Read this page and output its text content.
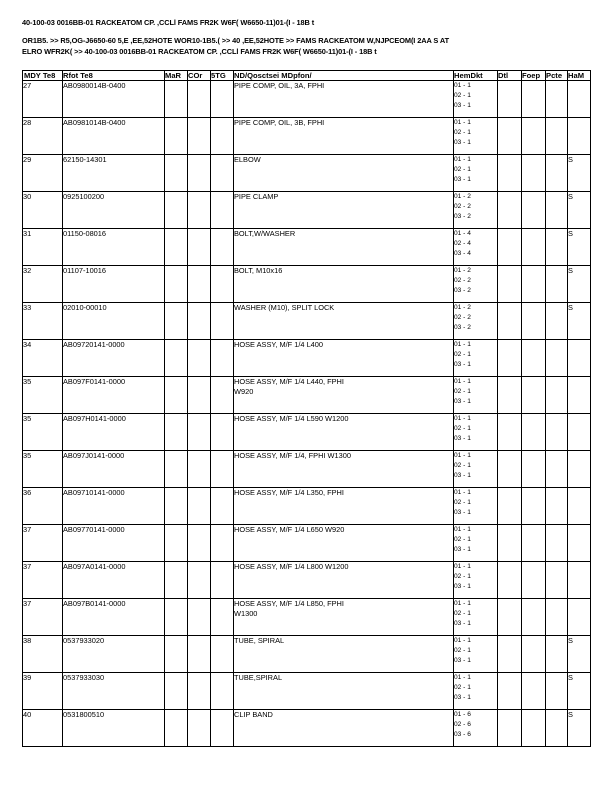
40-100-03 0016BB-01 RACKEATOM CP. ,CCLl FAMS FR2K W6F( W6650-11)01-(I - 18B t
OR1B5. >> R5,OG-J6650-60 5,E ,EE,52HOTE WOR10-1B5.( >> 40 ,EE,52HOTE >> FAMS RACKEATOM W,NJPCEOM(I 2AA S AT
ELRO WFR2K( >> 40-100-03 0016BB-01 RACKEATOM CP. ,CCLl FAMS FR2K W6F( W6650-11)01-(I - 18B t
MDY Te8	Rfot Te8	MaR	COr	5TG	ND/Qosctsei MDpfon/	HemDkt	Dtl	Foep	Pcte	HaM
27	AB0980014B-0400				PIPE COMP, OIL, 3A, FPHI	01 - 1
02 - 1
03 - 1				

28	AB0981014B-0400				PIPE COMP, OIL, 3B, FPHI	01 - 1
02 - 1
03 - 1				

29	62150-14301				ELBOW	01 - 1
02 - 1
03 - 1				S
30	0925100200				PIPE CLAMP	01 - 2
02 - 2
03 - 2				S
31	01150-08016				BOLT,W/WASHER	01 - 4
02 - 4
03 - 4				S
32	01107-10016				BOLT, M10x16	01 - 2
02 - 2
03 - 2				S
33	02010-00010				WASHER (M10), SPLIT LOCK	01 - 2
02 - 2
03 - 2				S
34	AB09720141-0000				HOSE ASSY, M/F 1/4 L400	01 - 1
02 - 1
03 - 1				

35	AB097F0141-0000				HOSE ASSY, M/F 1/4 L440, FPHI
W920	01 - 1
02 - 1
03 - 1				

35	AB097H0141-0000				HOSE ASSY, M/F 1/4 L590 W1200	01 - 1
02 - 1
03 - 1				

35	AB097J0141-0000				HOSE ASSY, M/F 1/4, FPHI W1300	01 - 1
02 - 1
03 - 1				

36	AB09710141-0000				HOSE ASSY, M/F 1/4 L350, FPHI	01 - 1
02 - 1
03 - 1				

37	AB09770141-0000				HOSE ASSY, M/F 1/4 L650 W920	01 - 1
02 - 1
03 - 1				

37	AB097A0141-0000				HOSE ASSY, M/F 1/4 L800 W1200	01 - 1
02 - 1
03 - 1				

37	AB097B0141-0000				HOSE ASSY, M/F 1/4 L850, FPHI
W1300	01 - 1
02 - 1
03 - 1				

38	0537933020				TUBE, SPIRAL	01 - 1
02 - 1
03 - 1				S
39	0537933030				TUBE,SPIRAL	01 - 1
02 - 1
03 - 1				S
40	0531800510				CLIP BAND	01 - 6
02 - 6
03 - 6				S
